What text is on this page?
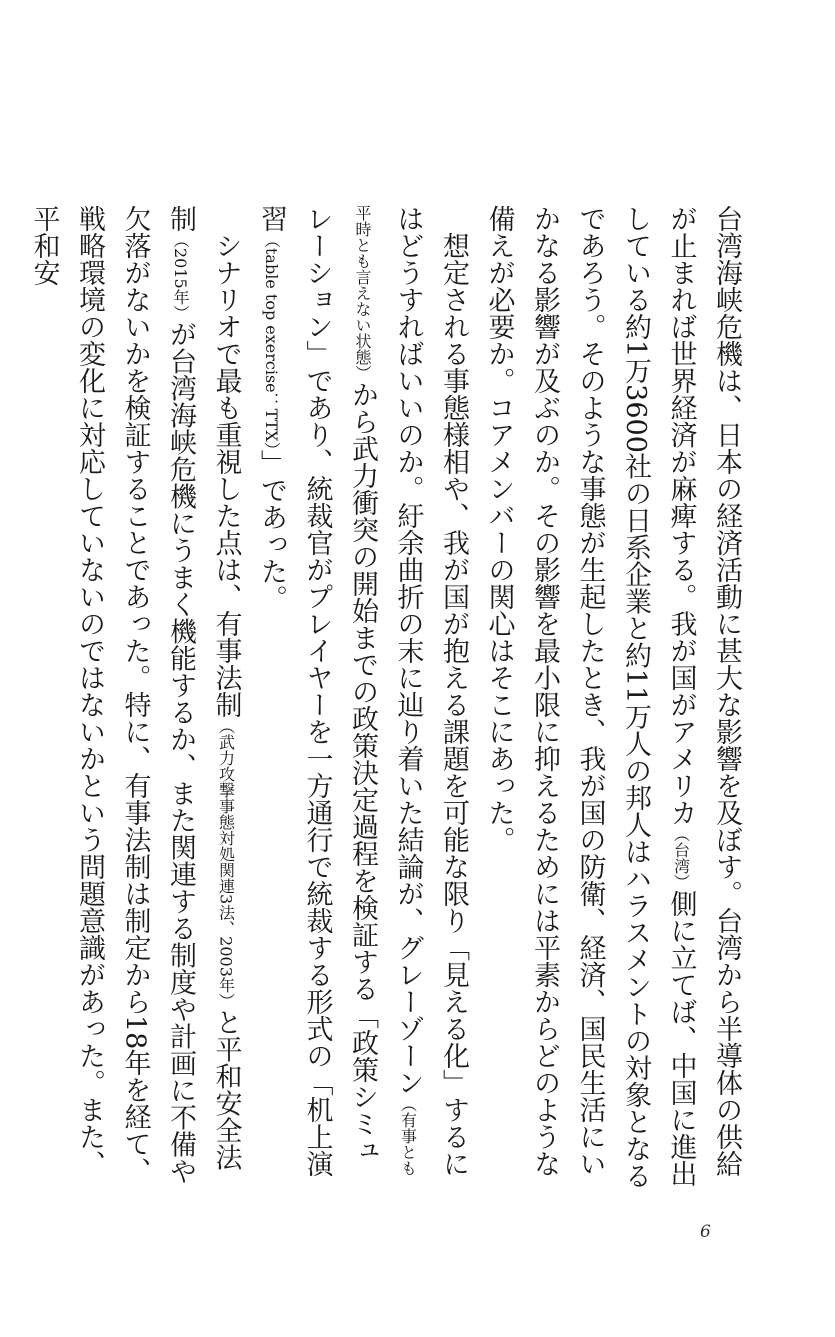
台湾海峡危機は、日本の経済活動に甚大な影響を及ぼす。台湾から半導体の供給が止まれば世界経済が麻痺する。我が国がアメリカ（台湾）側に立てば、中国に進出している約1万3600社の日系企業と約11万人の邦人はハラスメントの対象となるであろう。そのような事態が生起したとき、我が国の防衛、経済、国民生活にいかなる影響が及ぶのか。その影響を最小限に抑えるためには平素からどのような備えが必要か。コアメンバーの関心はそこにあった。

想定される事態様相や、我が国が抱える課題を可能な限り「見える化」するにはどうすればいいのか。紆余曲折の末に辿り着いた結論が、グレーゾーン（有事とも平時とも言えない状態）から武力衝突の開始までの政策決定過程を検証する「政策シミュレーション」であり、統裁官がプレイヤーを一方通行で統裁する形式の「机上演習（table top exercise：TTX）」であった。

シナリオで最も重視した点は、有事法制（武力攻撃事態対処関連3法、2003年）と平和安全法制（2015年）が台湾海峡危機にうまく機能するか、また関連する制度や計画に不備や欠落がないかを検証することであった。特に、有事法制は制定から18年を経て、戦略環境の変化に対応していないのではないかという問題意識があった。また、平和安

6
